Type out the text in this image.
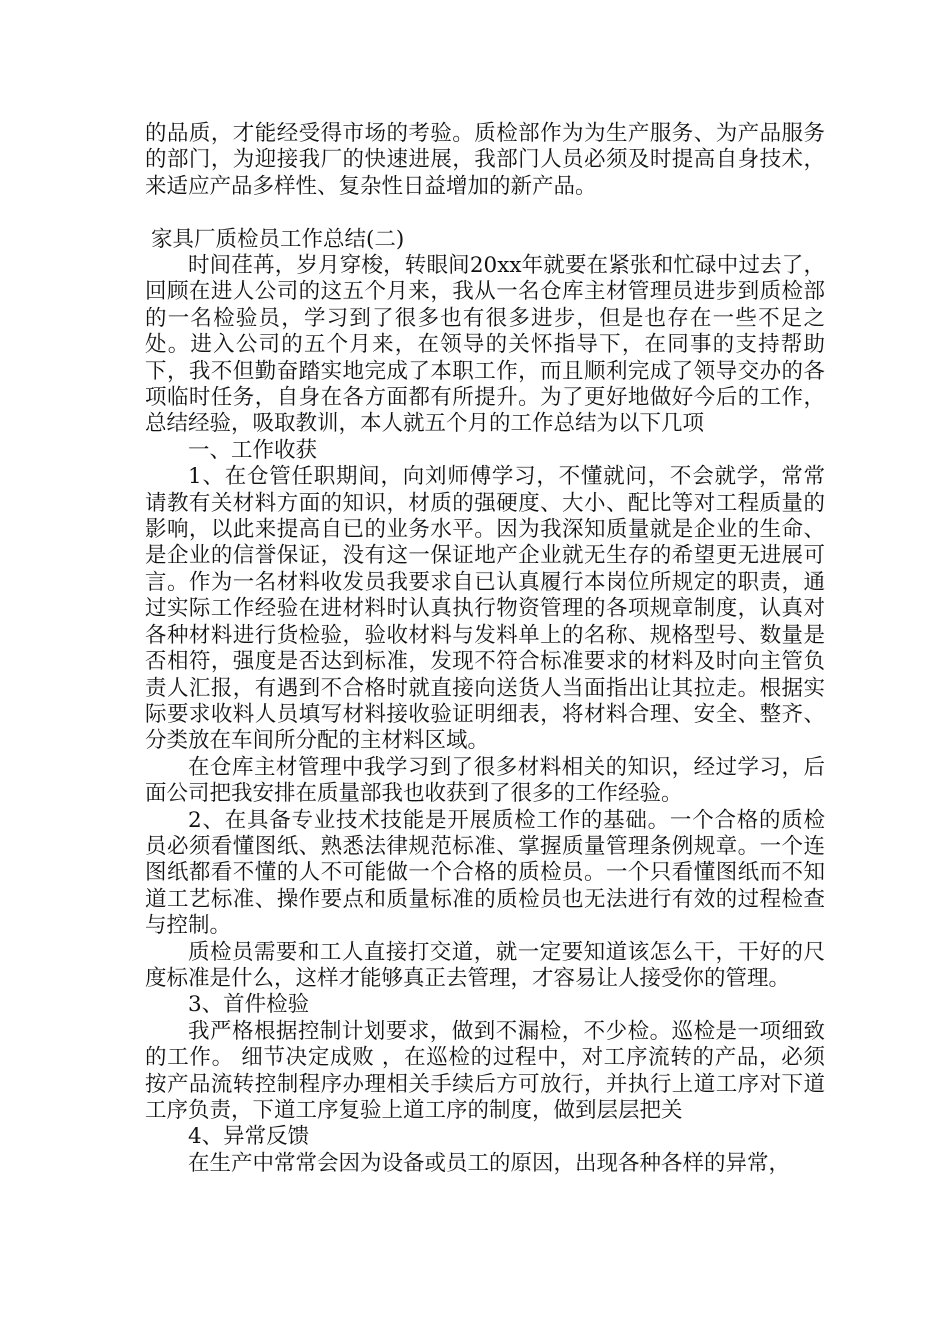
的品质，才能经受得市场的考验。质检部作为为生产服务、为产品服务的部门，为迎接我厂的快速进展，我部门人员必须及时提高自身技术，来适应产品多样性、复杂性日益增加的新产品。

家具厂质检员工作总结(二)

时间荏苒，岁月穿梭，转眼间20xx年就要在紧张和忙碌中过去了，回顾在进人公司的这五个月来，我从一名仓库主材管理员进步到质检部的一名检验员，学习到了很多也有很多进步，但是也存在一些不足之处。进入公司的五个月来，在领导的关怀指导下，在同事的支持帮助下，我不但勤奋踏实地完成了本职工作，而且顺利完成了领导交办的各项临时任务，自身在各方面都有所提升。为了更好地做好今后的工作，总结经验，吸取教训，本人就五个月的工作总结为以下几项

一、工作收获

1、在仓管任职期间，向刘师傅学习，不懂就问，不会就学，常常请教有关材料方面的知识，材质的强硬度、大小、配比等对工程质量的影响，以此来提高自已的业务水平。因为我深知质量就是企业的生命、是企业的信誉保证，没有这一保证地产企业就无生存的希望更无进展可言。作为一名材料收发员我要求自已认真履行本岗位所规定的职责，通过实际工作经验在进材料时认真执行物资管理的各项规章制度，认真对各种材料进行货检验，验收材料与发料单上的名称、规格型号、数量是否相符，强度是否达到标准，发现不符合标准要求的材料及时向主管负责人汇报，有遇到不合格时就直接向送货人当面指出让其拉走。根据实际要求收料人员填写材料接收验证明细表，将材料合理、安全、整齐、分类放在车间所分配的主材料区域。

在仓库主材管理中我学习到了很多材料相关的知识，经过学习，后面公司把我安排在质量部我也收获到了很多的工作经验。

2、在具备专业技术技能是开展质检工作的基础。一个合格的质检员必须看懂图纸、熟悉法律规范标准、掌握质量管理条例规章。一个连图纸都看不懂的人不可能做一个合格的质检员。一个只看懂图纸而不知道工艺标准、操作要点和质量标准的质检员也无法进行有效的过程检查与控制。

质检员需要和工人直接打交道，就一定要知道该怎么干，干好的尺度标准是什么，这样才能够真正去管理，才容易让人接受你的管理。

3、首件检验

我严格根据控制计划要求，做到不漏检，不少检。巡检是一项细致的工作。 细节决定成败 ，在巡检的过程中，对工序流转的产品，必须按产品流转控制程序办理相关手续后方可放行，并执行上道工序对下道工序负责，下道工序复验上道工序的制度，做到层层把关

4、异常反馈

在生产中常常会因为设备或员工的原因，出现各种各样的异常，
